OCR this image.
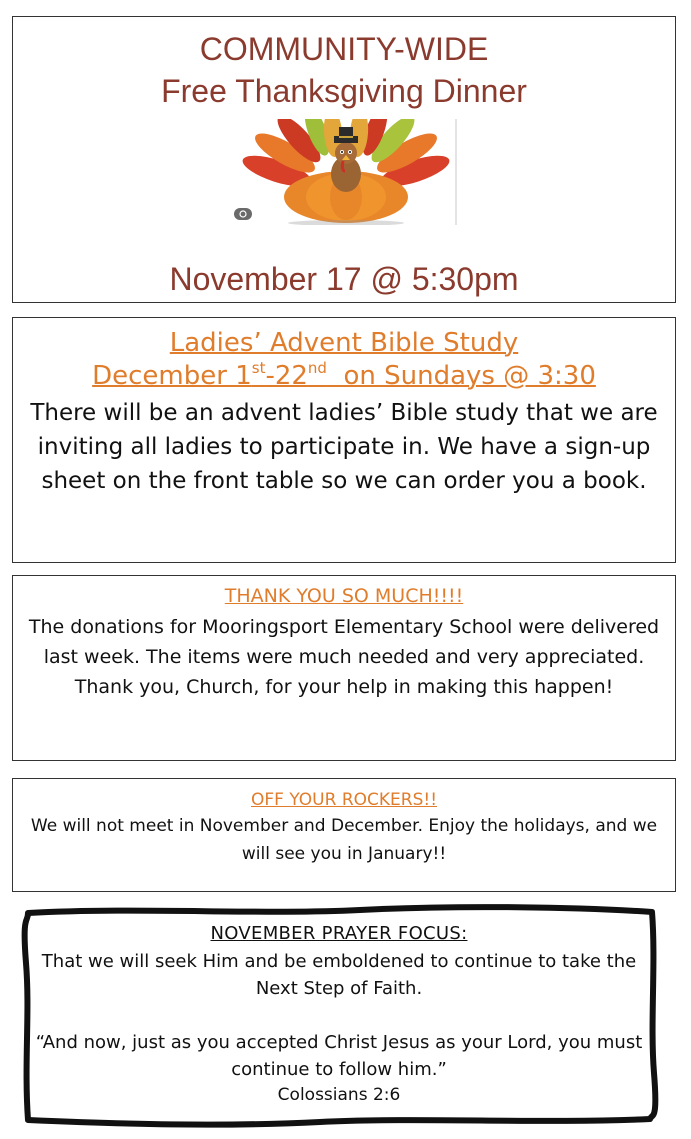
COMMUNITY-WIDE
Free Thanksgiving Dinner
November 17 @ 5:30pm
Ladies’ Advent Bible Study
December 1st-22nd  on Sundays @ 3:30
There will be an advent ladies’ Bible study that we are inviting all ladies to participate in. We have a sign-up sheet on the front table so we can order you a book.
THANK YOU SO MUCH!!!!
The donations for Mooringsport Elementary School were delivered last week. The items were much needed and very appreciated. Thank you, Church, for your help in making this happen!
OFF YOUR ROCKERS!!
We will not meet in November and December. Enjoy the holidays, and we will see you in January!!
NOVEMBER PRAYER FOCUS:
That we will seek Him and be emboldened to continue to take the Next Step of Faith.
“And now, just as you accepted Christ Jesus as your Lord, you must continue to follow him.”
Colossians 2:6
